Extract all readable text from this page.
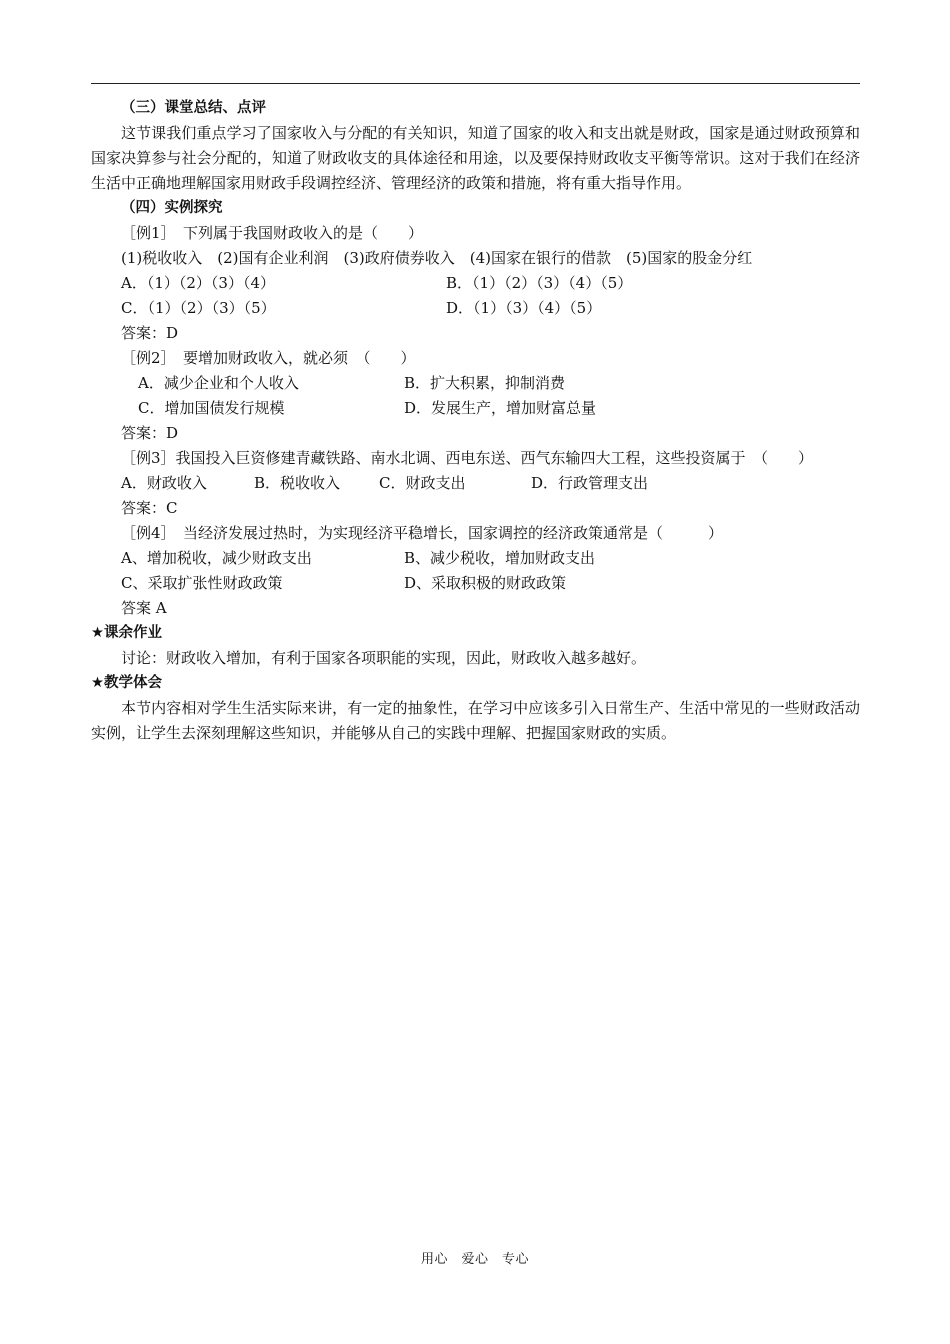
（三）课堂总结、点评
这节课我们重点学习了国家收入与分配的有关知识，知道了国家的收入和支出就是财政，国家是通过财政预算和国家决算参与社会分配的，知道了财政收支的具体途径和用途，以及要保持财政收支平衡等常识。这对于我们在经济生活中正确地理解国家用财政手段调控经济、管理经济的政策和措施，将有重大指导作用。
（四）实例探究
［例1］　下列属于我国财政收入的是（　　）
(1)税收收入　(2)国有企业利润　(3)政府债券收入　(4)国家在银行的借款　(5)国家的股金分红
A．（1）（2）（3）（4）	B．（1）（2）（3）（4）（5）
C．（1）（2）（3）（5）	D．（1）（3）（4）（5）
答案：D
［例2］　要增加财政收入，就必须　（　　）
A．减少企业和个人收入	B．扩大积累，抑制消费
C．增加国债发行规模	D．发展生产，增加财富总量
答案：D
［例3］我国投入巨资修建青藏铁路、南水北调、西电东送、西气东输四大工程，这些投资属于　（　　）
A．财政收入	B．税收收入	C．财政支出	D．行政管理支出
答案：C
［例4］　当经济发展过热时，为实现经济平稳增长，国家调控的经济政策通常是（　　　）
A、增加税收，减少财政支出	B、减少税收，增加财政支出
C、采取扩张性财政政策	D、采取积极的财政政策
答案 A
★课余作业
讨论：财政收入增加，有利于国家各项职能的实现，因此，财政收入越多越好。
★教学体会
本节内容相对学生生活实际来讲，有一定的抽象性，在学习中应该多引入日常生产、生活中常见的一些财政活动实例，让学生去深刻理解这些知识，并能够从自己的实践中理解、把握国家财政的实质。
用心　爱心　专心
